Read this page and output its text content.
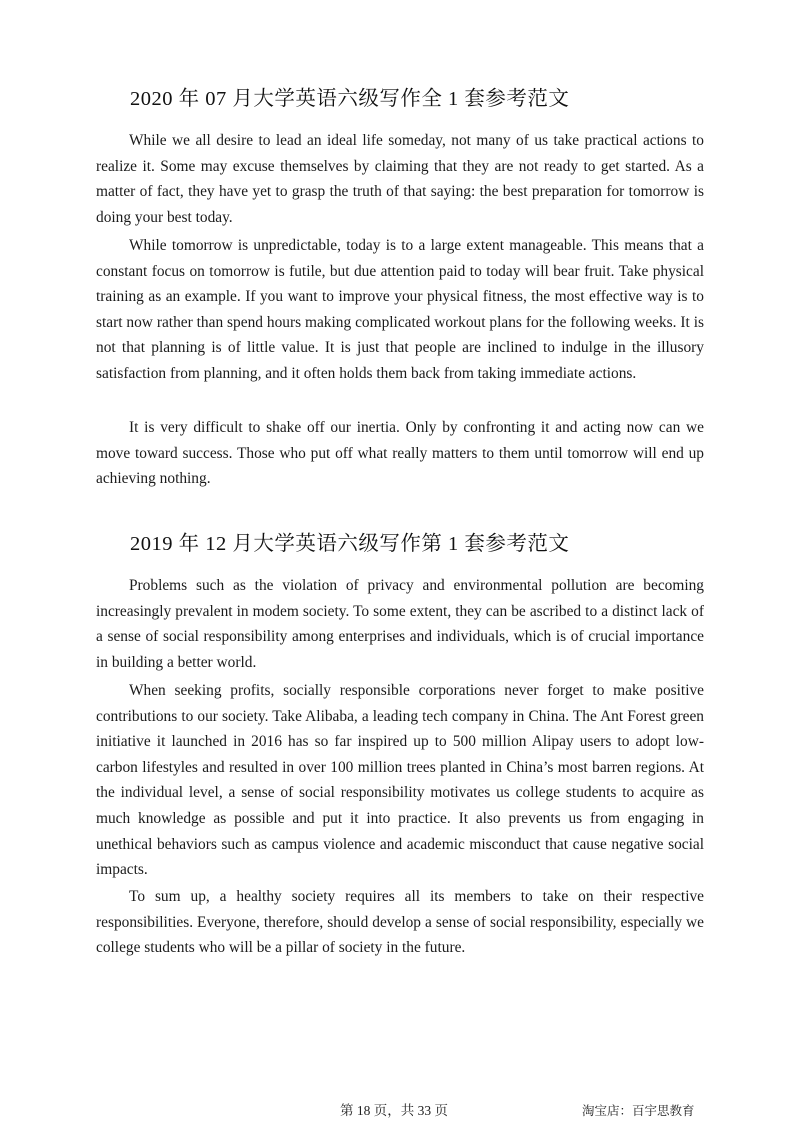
2020 年 07 月大学英语六级写作全 1 套参考范文

While we all desire to lead an ideal life someday, not many of us take practical actions to realize it. Some may excuse themselves by claiming that they are not ready to get started. As a matter of fact, they have yet to grasp the truth of that saying: the best preparation for tomorrow is doing your best today.

While tomorrow is unpredictable, today is to a large extent manageable. This means that a constant focus on tomorrow is futile, but due attention paid to today will bear fruit. Take physical training as an example. If you want to improve your physical fitness, the most effective way is to start now rather than spend hours making complicated workout plans for the following weeks. It is not that planning is of little value. It is just that people are inclined to indulge in the illusory satisfaction from planning, and it often holds them back from taking immediate actions.

It is very difficult to shake off our inertia. Only by confronting it and acting now can we move toward success. Those who put off what really matters to them until tomorrow will end up achieving nothing.

2019 年 12 月大学英语六级写作第 1 套参考范文

Problems such as the violation of privacy and environmental pollution are becoming increasingly prevalent in modem society. To some extent, they can be ascribed to a distinct lack of a sense of social responsibility among enterprises and individuals, which is of crucial importance in building a better world.

When seeking profits, socially responsible corporations never forget to make positive contributions to our society. Take Alibaba, a leading tech company in China. The Ant Forest green initiative it launched in 2016 has so far inspired up to 500 million Alipay users to adopt low-carbon lifestyles and resulted in over 100 million trees planted in China’s most barren regions. At the individual level, a sense of social responsibility motivates us college students to acquire as much knowledge as possible and put it into practice. It also prevents us from engaging in unethical behaviors such as campus violence and academic misconduct that cause negative social impacts.

To sum up, a healthy society requires all its members to take on their respective responsibilities. Everyone, therefore, should develop a sense of social responsibility, especially we college students who will be a pillar of society in the future.

第 18 页，共 33 页	淘宝店：百宇思教育
